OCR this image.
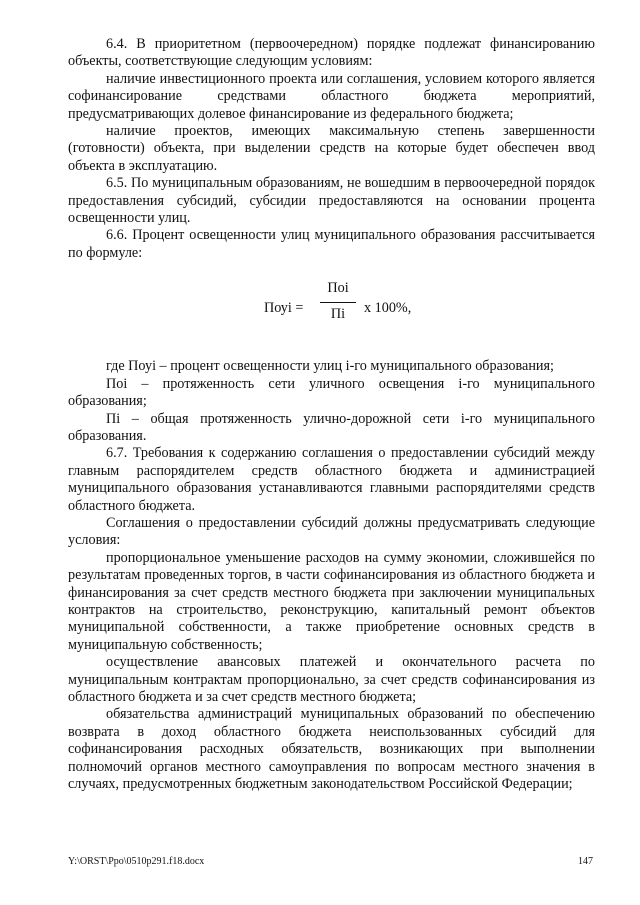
6.4. В приоритетном (первоочередном) порядке подлежат финансированию объекты, соответствующие следующим условиям:

наличие инвестиционного проекта или соглашения, условием которого является софинансирование средствами областного бюджета мероприятий, предусматривающих долевое финансирование из федерального бюджета;

наличие проектов, имеющих максимальную степень завершенности (готовности) объекта, при выделении средств на которые будет обеспечен ввод объекта в эксплуатацию.

6.5. По муниципальным образованиям, не вошедшим в первоочередной порядок предоставления субсидий, субсидии предоставляются на основании процента освещенности улиц.

6.6. Процент освещенности улиц муниципального образования рассчитывается по формуле:

Поуi =
Поi
Пi	x 100%,

где Поуi – процент освещенности улиц i-го муниципального образования;

Поi – протяженность сети уличного освещения i-го муниципального образования;

Пi – общая протяженность улично-дорожной сети i-го муниципального образования.

6.7. Требования к содержанию соглашения о предоставлении субсидий между главным распорядителем средств областного бюджета и администрацией муниципального образования устанавливаются главными распорядителями средств областного бюджета.

Соглашения о предоставлении субсидий должны предусматривать следующие условия:

пропорциональное уменьшение расходов на сумму экономии, сложившейся по результатам проведенных торгов, в части софинансирования из областного бюджета и финансирования за счет средств местного бюджета при заключении муниципальных контрактов на строительство, реконструкцию, капитальный ремонт объектов муниципальной собственности, а также приобретение основных средств в муниципальную собственность;

осуществление авансовых платежей и окончательного расчета по муниципальным контрактам пропорционально, за счет средств софинансирования из областного бюджета и за счет средств местного бюджета;

обязательства администраций муниципальных образований по обеспечению возврата в доход областного бюджета неиспользованных субсидий для софинансирования расходных обязательств, возникающих при выполнении полномочий органов местного самоуправления по вопросам местного значения в случаях, предусмотренных бюджетным законодательством Российской Федерации;

Y:\ORST\Ppo\0510p291.f18.docx	147
